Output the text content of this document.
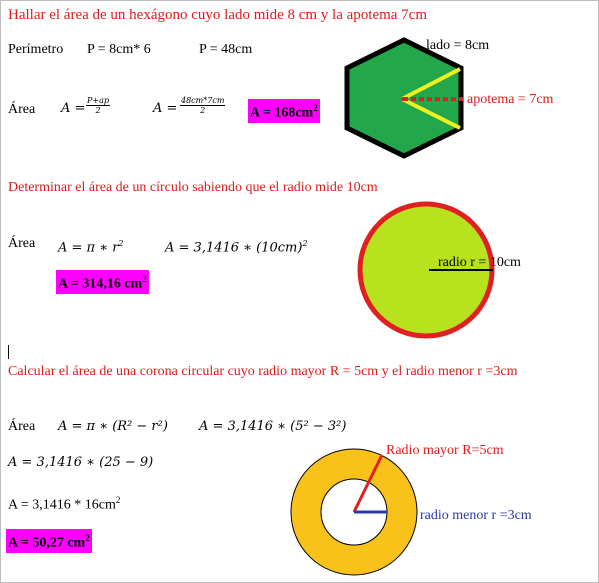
Hallar el área de un hexágono cuyo lado mide 8 cm y la apotema 7cm
Perímetro P = 8cm* 6	P = 48cm
Área $A = \frac{P+ap}{2}$	$A = \frac{48cm*7cm}{2}$ $A = 168cm^2$
lado = 8cm
apotema = 7cm
Determinar el área de un círculo sabiendo que el radio mide 10cm
Área A = π ∗ $r^2$	A = 3,1416 ∗ $(10cm)^2$
A = 314,16 $cm^2$
radio r = 10cm
Calcular el área de una corona circular cuyo radio mayor R = 5cm y el radio menor r =3cm
Área A = π ∗ (R² − r²) A = 3,1416 ∗ (5² − 3²)
A = 3,1416 ∗ (25 − 9)
$A = 3,1416 * 16cm^2$
A = 50,27 $cm^2$
Radio mayor R=5cm
radio menor r =3cm
